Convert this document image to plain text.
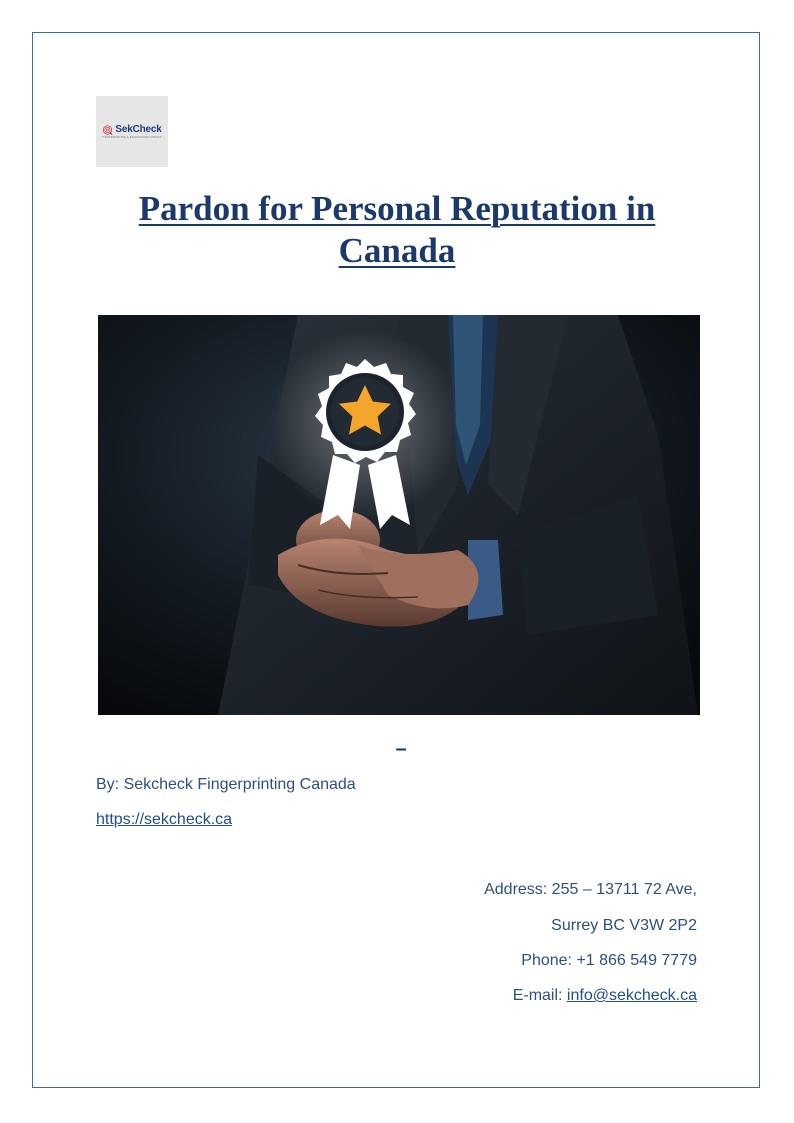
SekCheck
FINGERPRINTING & BACKGROUND CHECKS
Pardon for Personal Reputation in
Canada
–
By: Sekcheck Fingerprinting Canada
https://sekcheck.ca
Address: 255 – 13711 72 Ave,
Surrey BC V3W 2P2
Phone: +1 866 549 7779
E-mail: info@sekcheck.ca
